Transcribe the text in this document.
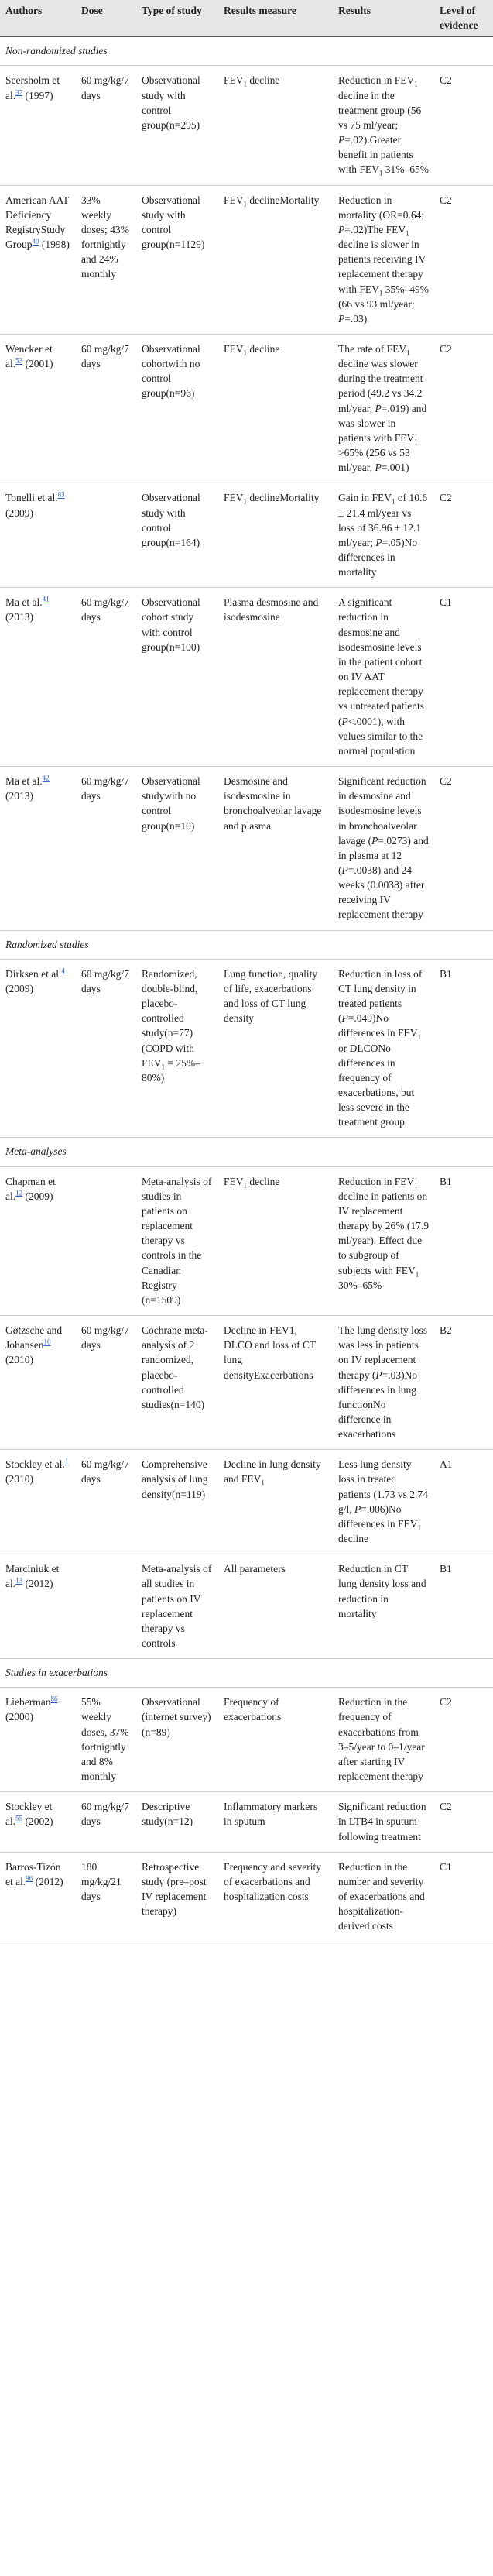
Authors	Dose	Type of study	Results measure	Results	Level of evidence
Non-randomized studies					
Seersholm et al.$^{37}$ (1997)	60 mg/kg/7 days	Observational study with control group(n=295)	$FEV_1$ decline	Reduction in $FEV_1$ decline in the treatment group (56 vs 75 ml/year; P=.02).Greater benefit in patients with $FEV_1$ 31%–65%	C2
American AAT Deficiency RegistryStudy Group$^{40}$ (1998)	33% weekly doses; 43% fortnightly and 24% monthly	Observational study with control group(n=1129)	$FEV_1$ declineMortality	Reduction in mortality (OR=0.64; P=.02)The $FEV_1$ decline is slower in patients receiving IV replacement therapy with $FEV_1$ 35%–49% (66 vs 93 ml/year; P=.03)	C2
Wencker et al.$^{53}$ (2001)	60 mg/kg/7 days	Observational cohortwith no control group(n=96)	$FEV_1$ decline	The rate of $FEV_1$ decline was slower during the treatment period (49.2 vs 34.2 ml/year, P=.019) and was slower in patients with $FEV_1 >65\%$ (256 vs 53 ml/year, P=.001)	C2
Tonelli et al.$^{83}$ (2009)		Observational study with control group(n=164)	$FEV_1$ declineMortality	Gain in $FEV_1$ of 10.6 ± 21.4 ml/year vs loss of 36.96 ± 12.1 ml/year; P=.05)No differences in mortality	C2
Ma et al.$^{41}$ (2013)	60 mg/kg/7 days	Observational cohort study with control group(n=100)	Plasma desmosine and isodesmosine	A significant reduction in desmosine and isodesmosine levels in the patient cohort on IV AAT replacement therapy vs untreated patients (P<.0001), with values similar to the normal population	C1
Ma et al.$^{42}$ (2013)	60 mg/kg/7 days	Observational studywith no control group(n=10)	Desmosine and isodesmosine in bronchoalveolar lavage and plasma	Significant reduction in desmosine and isodesmosine levels in bronchoalveolar lavage (P=.0273) and in plasma at 12 (P=.0038) and 24 weeks (0.0038) after receiving IV replacement therapy	C2
Randomized studies					
Dirksen et al.$^4$ (2009)	60 mg/kg/7 days	Randomized, double-blind, placebo-controlled study(n=77) (COPD with $FEV_1 = 25\%-80\%$)	Lung function, quality of life, exacerbations and loss of CT lung density	Reduction in loss of CT lung density in treated patients (P=.049)No differences in $FEV_1$ or DLCONo differences in frequency of exacerbations, but less severe in the treatment group	B1
Meta-analyses					
Chapman et al.$^{12}$ (2009)		Meta-analysis of studies in patients on replacement therapy vs controls in the Canadian Registry (n=1509)	$FEV_1$ decline	Reduction in $FEV_1$ decline in patients on IV replacement therapy by 26% (17.9 ml/year). Effect due to subgroup of subjects with $FEV_1$ 30%–65%	B1
Gøtzsche and Johansen$^{10}$ (2010)	60 mg/kg/7 days	Cochrane meta-analysis of 2 randomized, placebo-controlled studies(n=140)	Decline in FEV1, DLCO and loss of CT lung densityExacerbations	The lung density loss was less in patients on IV replacement therapy (P=.03)No differences in lung functionNo difference in exacerbations	B2
Stockley et al.$^1$ (2010)	60 mg/kg/7 days	Comprehensive analysis of lung density(n=119)	Decline in lung density and $FEV_1$	Less lung density loss in treated patients (1.73 vs 2.74 g/l, P=.006)No differences in $FEV_1$ decline	A1
Marciniuk et al.$^{13}$ (2012)		Meta-analysis of all studies in patients on IV replacement therapy vs controls	All parameters	Reduction in CT lung density loss and reduction in mortality	B1
Studies in exacerbations					
Lieberman$^{86}$ (2000)	55% weekly doses, 37% fortnightly and 8% monthly	Observational (internet survey)(n=89)	Frequency of exacerbations	Reduction in the frequency of exacerbations from 3–5/year to 0–1/year after starting IV replacement therapy	C2
Stockley et al.$^{55}$ (2002)	60 mg/kg/7 days	Descriptive study(n=12)	Inflammatory markers in sputum	Significant reduction in LTB4 in sputum following treatment	C2
Barros-Tizón et al.$^{96}$ (2012)	180 mg/kg/21 days	Retrospective study (pre–post IV replacement therapy)	Frequency and severity of exacerbations and hospitalization costs	Reduction in the number and severity of exacerbations and hospitalization-derived costs	C1
